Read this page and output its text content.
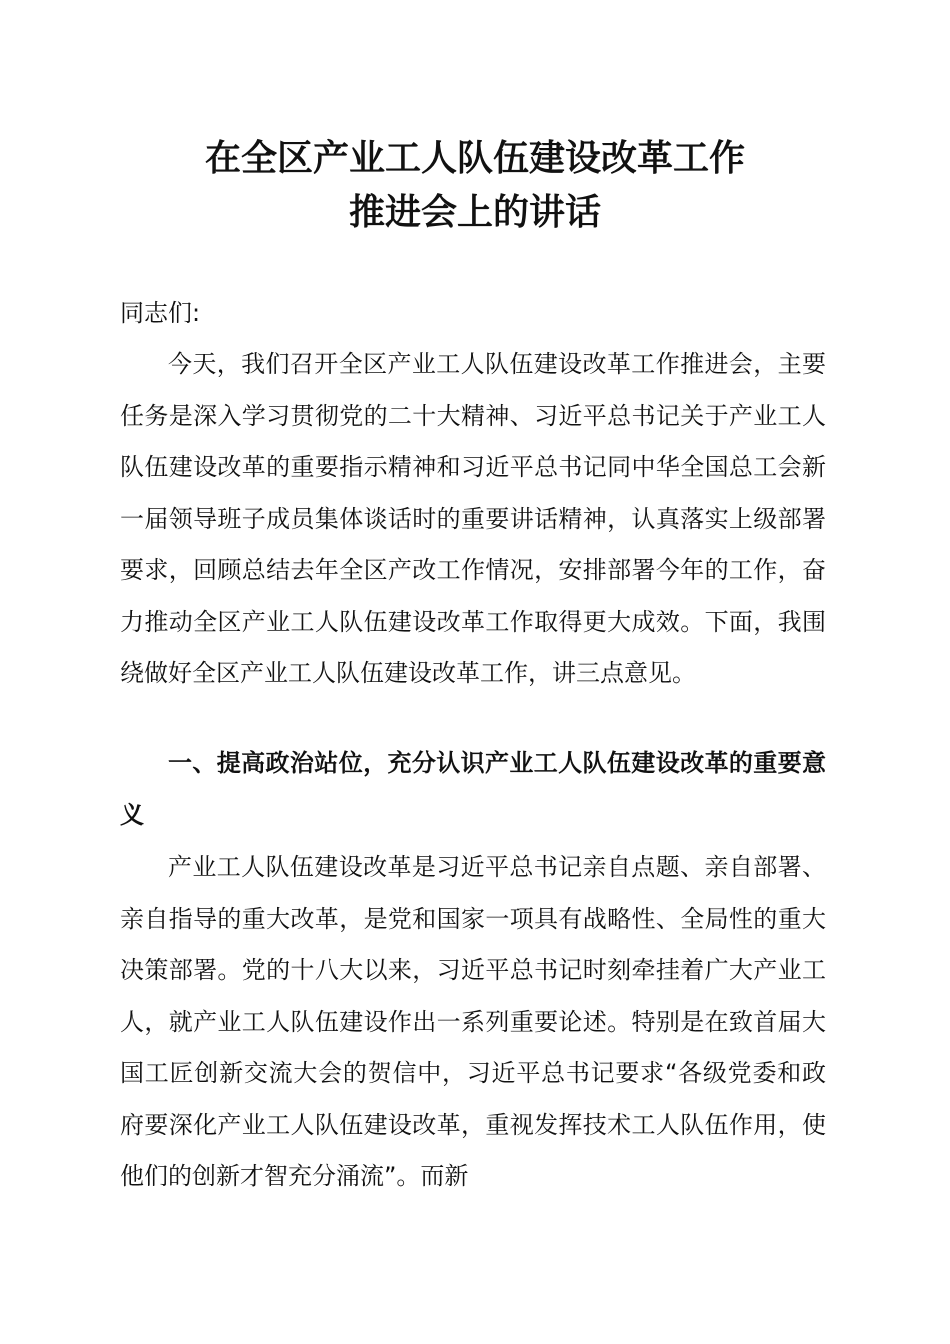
在全区产业工人队伍建设改革工作
推进会上的讲话

同志们:

今天，我们召开全区产业工人队伍建设改革工作推进会，主要任务是深入学习贯彻党的二十大精神、习近平总书记关于产业工人队伍建设改革的重要指示精神和习近平总书记同中华全国总工会新一届领导班子成员集体谈话时的重要讲话精神，认真落实上级部署要求，回顾总结去年全区产改工作情况，安排部署今年的工作，奋力推动全区产业工人队伍建设改革工作取得更大成效。下面，我围绕做好全区产业工人队伍建设改革工作，讲三点意见。

一、提高政治站位，充分认识产业工人队伍建设改革的重要意义

产业工人队伍建设改革是习近平总书记亲自点题、亲自部署、亲自指导的重大改革，是党和国家一项具有战略性、全局性的重大决策部署。党的十八大以来，习近平总书记时刻牵挂着广大产业工人，就产业工人队伍建设作出一系列重要论述。特别是在致首届大国工匠创新交流大会的贺信中，习近平总书记要求“各级党委和政府要深化产业工人队伍建设改革，重视发挥技术工人队伍作用，使他们的创新才智充分涌流”。而新
